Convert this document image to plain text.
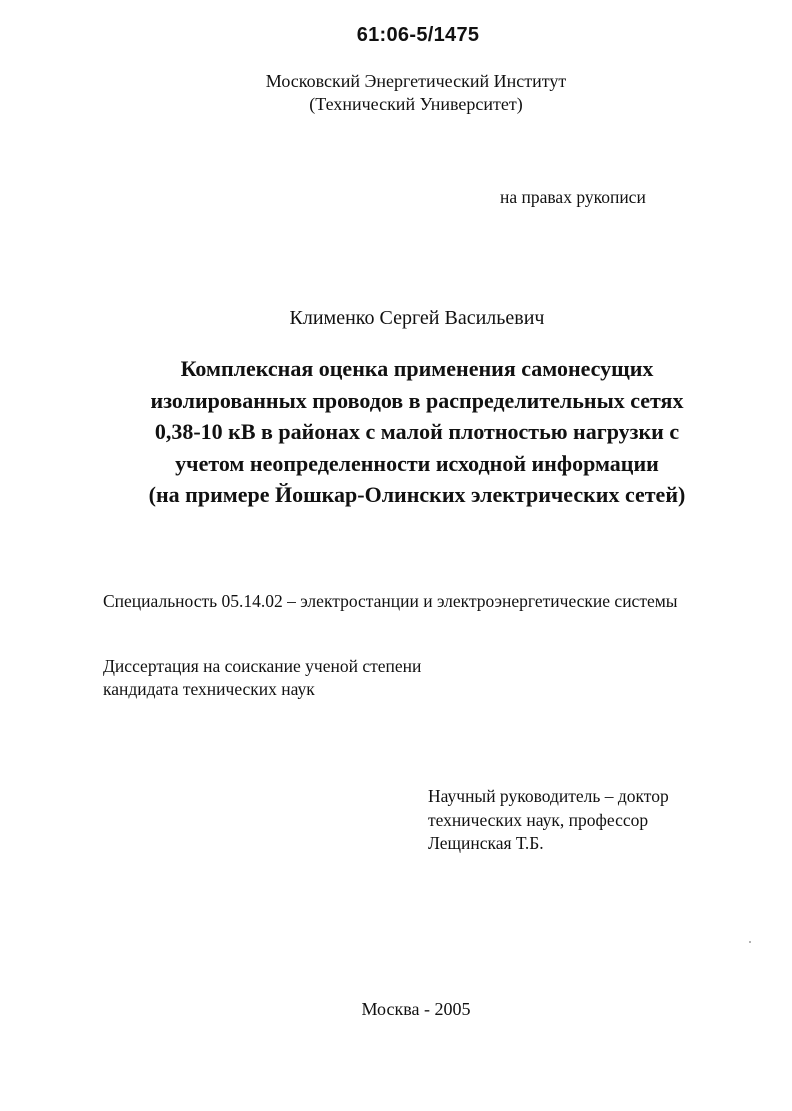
61:06-5/1475
Московский Энергетический Институт
(Технический Университет)
на правах рукописи
Клименко Сергей Васильевич
Комплексная оценка применения самонесущих
изолированных проводов в распределительных сетях
0,38-10 кВ в районах с малой плотностью нагрузки с
учетом неопределенности исходной информации
(на примере Йошкар-Олинских электрических сетей)
Специальность 05.14.02 – электростанции и электроэнергетические системы
Диссертация на соискание ученой степени
кандидата технических наук
Научный руководитель – доктор
технических наук, профессор
Лещинская Т.Б.
Москва - 2005
